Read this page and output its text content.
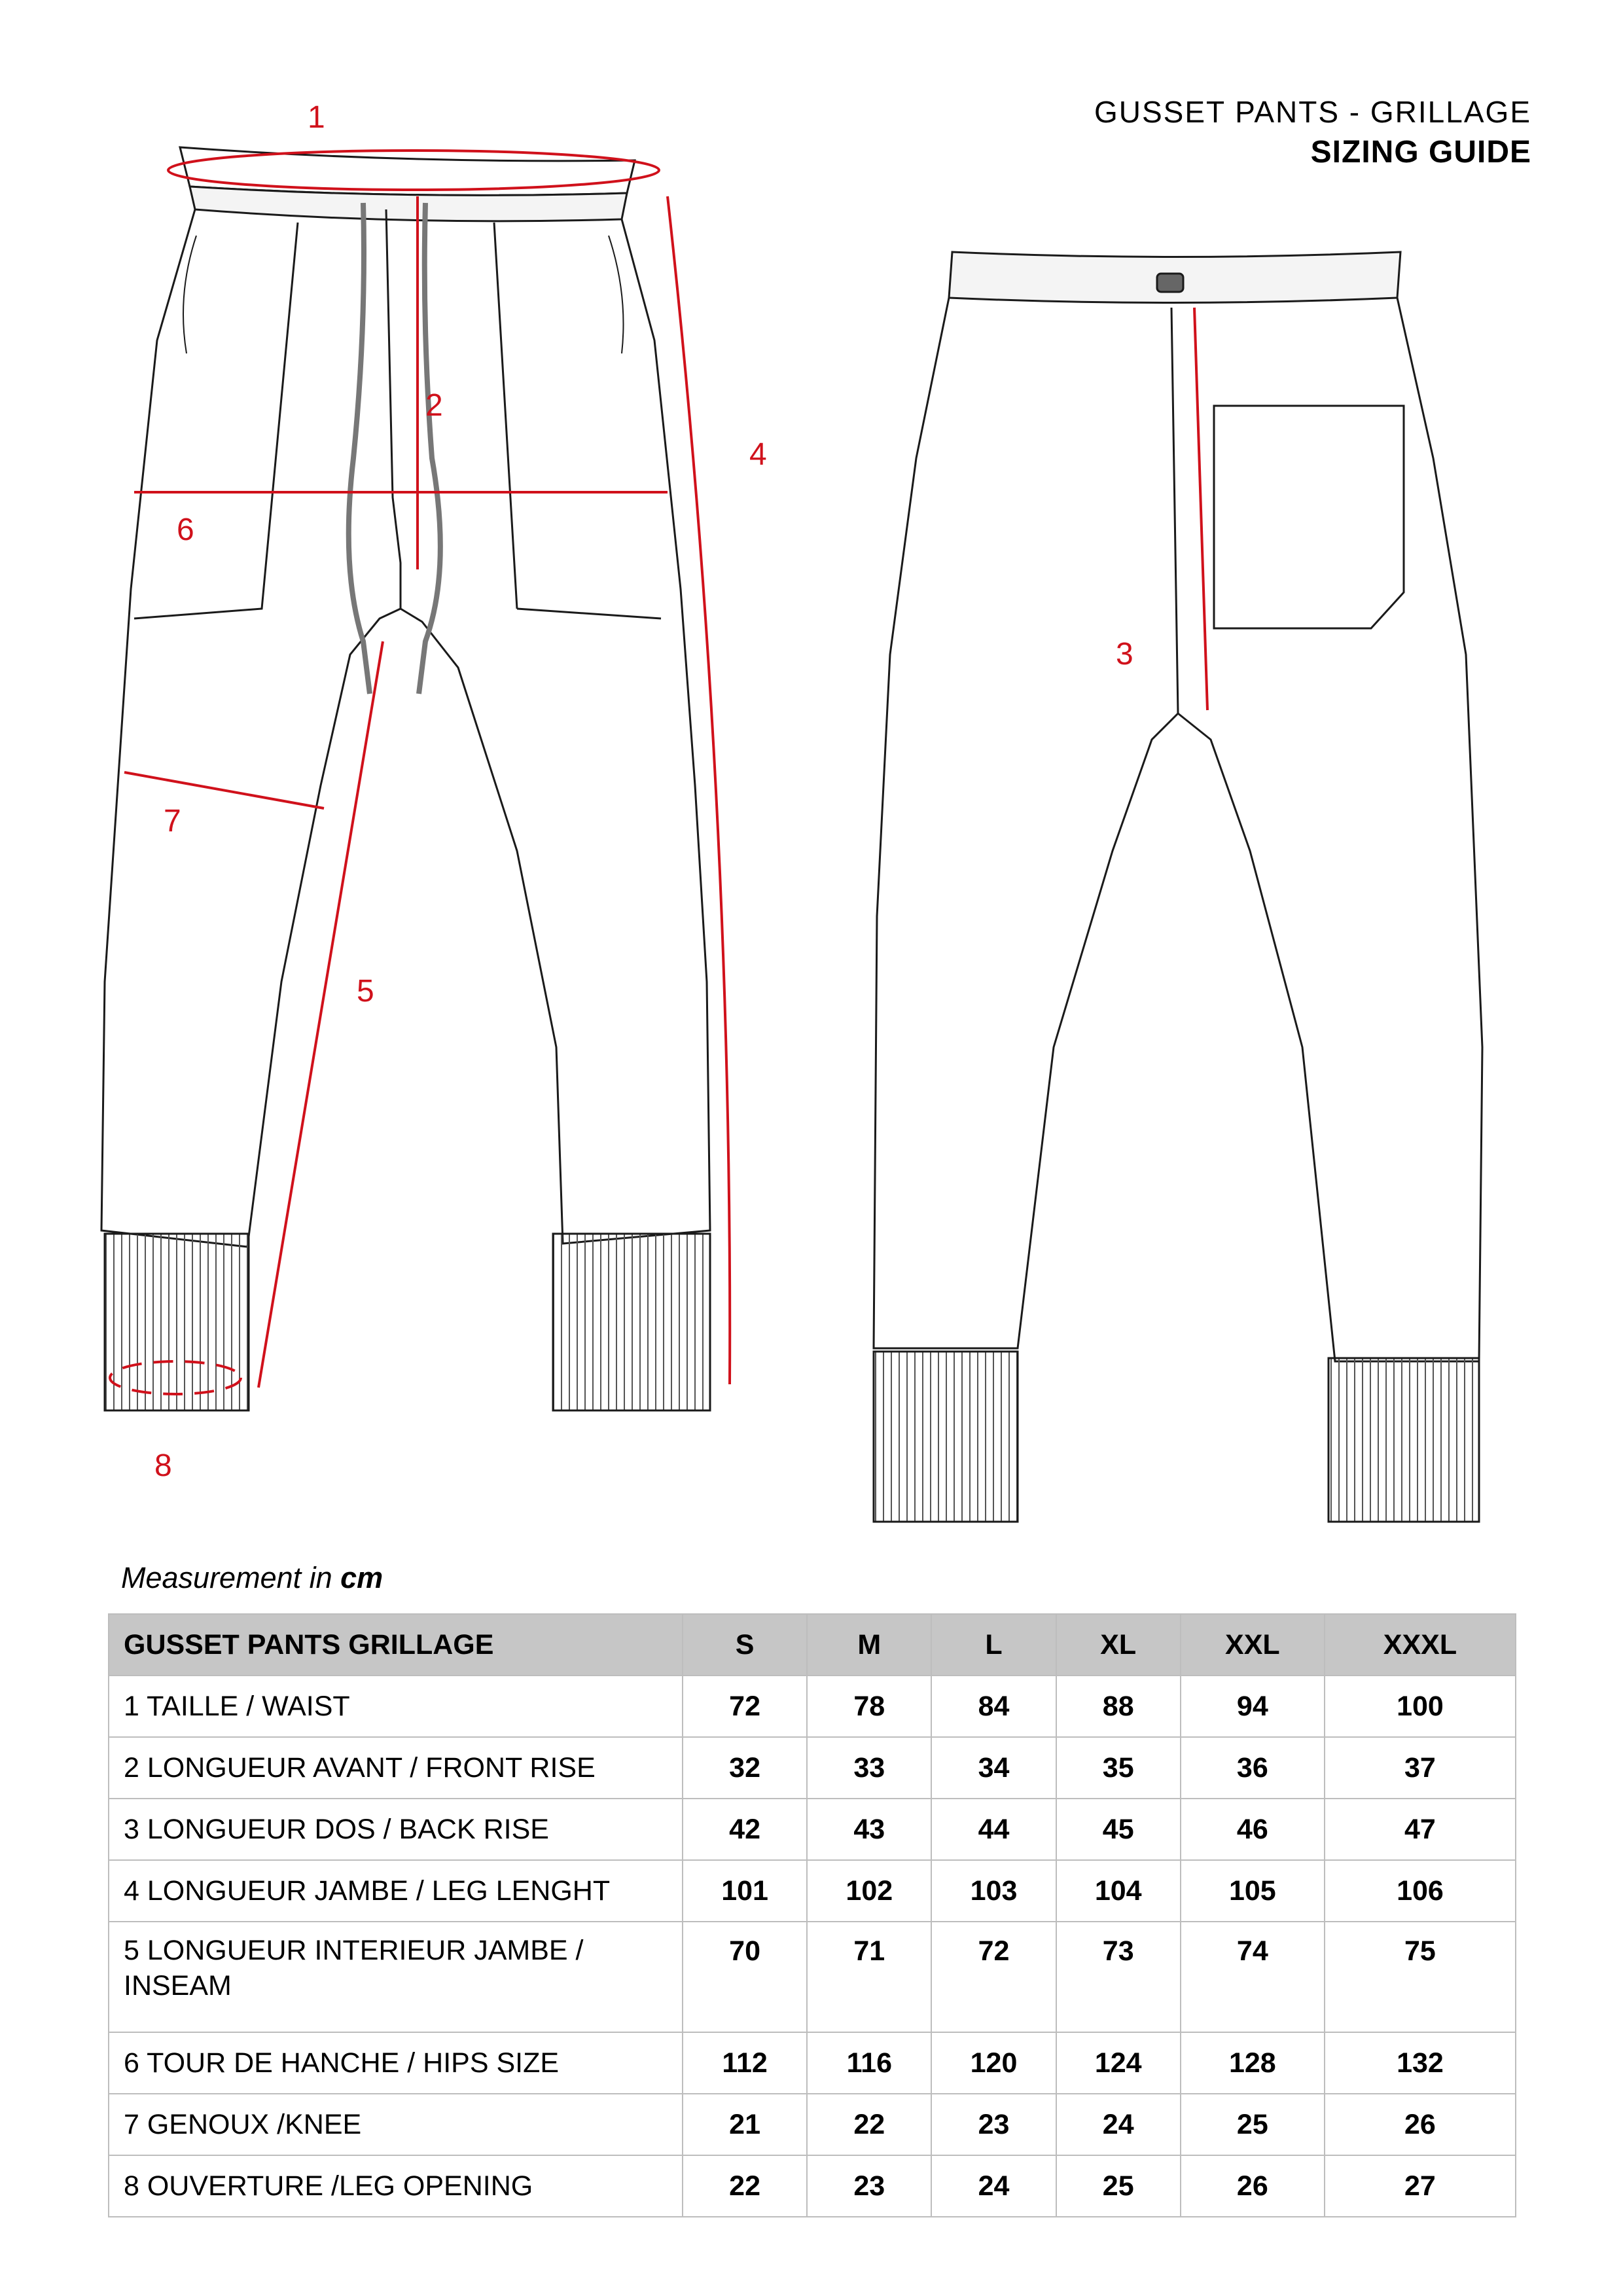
GUSSET PANTS - GRILLAGE
SIZING GUIDE
1
2
3
4
5
6
7
8
Measurement in cm
GUSSET PANTS GRILLAGE	S	M	L	XL	XXL	XXXL
1 TAILLE / WAIST	72	78	84	88	94	100
2 LONGUEUR AVANT / FRONT RISE	32	33	34	35	36	37
3 LONGUEUR DOS / BACK RISE	42	43	44	45	46	47
4 LONGUEUR JAMBE / LEG LENGHT	101	102	103	104	105	106
5 LONGUEUR INTERIEUR JAMBE / INSEAM	70	71	72	73	74	75
6 TOUR DE HANCHE / HIPS SIZE	112	116	120	124	128	132
7 GENOUX /KNEE	21	22	23	24	25	26
8 OUVERTURE /LEG OPENING	22	23	24	25	26	27
